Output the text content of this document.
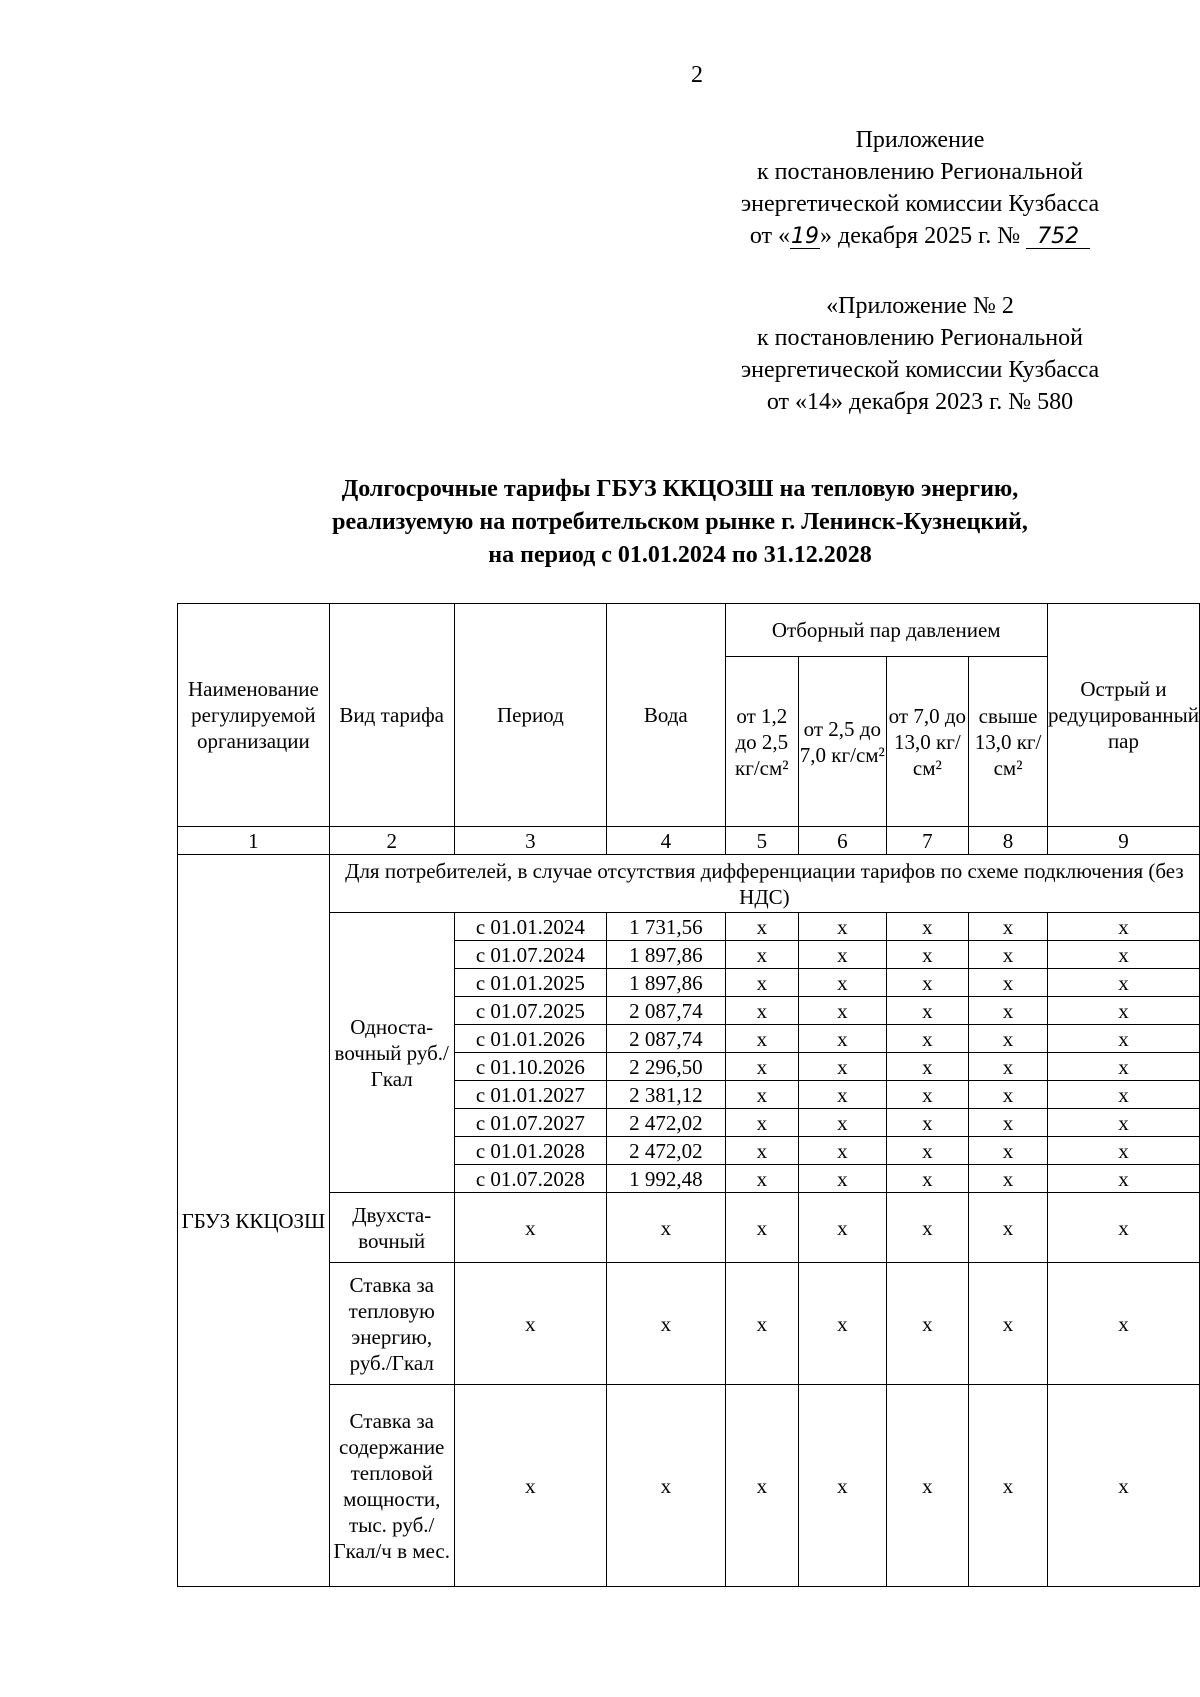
2
Приложение
к постановлению Региональной
энергетической комиссии Кузбасса
от «19» декабря 2025 г. № 752
«Приложение № 2
к постановлению Региональной
энергетической комиссии Кузбасса
от «14» декабря 2023 г. № 580
Долгосрочные тарифы ГБУЗ ККЦОЗШ на тепловую энергию,
реализуемую на потребительском рынке г. Ленинск-Кузнецкий,
на период с 01.01.2024 по 31.12.2028
Наименование регулируемой организации	Вид тарифа	Период	Вода	Отборный пар давлением				Острый и редуцированный пар
				от 1,2 до 2,5 кг/см²	от 2,5 до 7,0 кг/см²	от 7,0 до 13,0 кг/см²	свыше 13,0 кг/см²	
1	2	3	4	5	6	7	8	9
ГБУЗ ККЦОЗШ	Для потребителей, в случае отсутствия дифференциации тарифов по схеме подключения (без НДС)							
	Односта-вочный руб./Гкал	с 01.01.2024	1 731,56	х	х	х	х	х
		с 01.07.2024	1 897,86	х	х	х	х	х
		с 01.01.2025	1 897,86	х	х	х	х	х
		с 01.07.2025	2 087,74	х	х	х	х	х
		с 01.01.2026	2 087,74	х	х	х	х	х
		с 01.10.2026	2 296,50	х	х	х	х	х
		с 01.01.2027	2 381,12	х	х	х	х	х
		с 01.07.2027	2 472,02	х	х	х	х	х
		с 01.01.2028	2 472,02	х	х	х	х	х
		с 01.07.2028	1 992,48	х	х	х	х	х
	Двухста-вочный	х	х	х	х	х	х	х
	Ставка за тепловую энергию, руб./Гкал	х	х	х	х	х	х	х
	Ставка за содержание тепловой мощности, тыс. руб./ Гкал/ч в мес.	х	х	х	х	х	х	х
